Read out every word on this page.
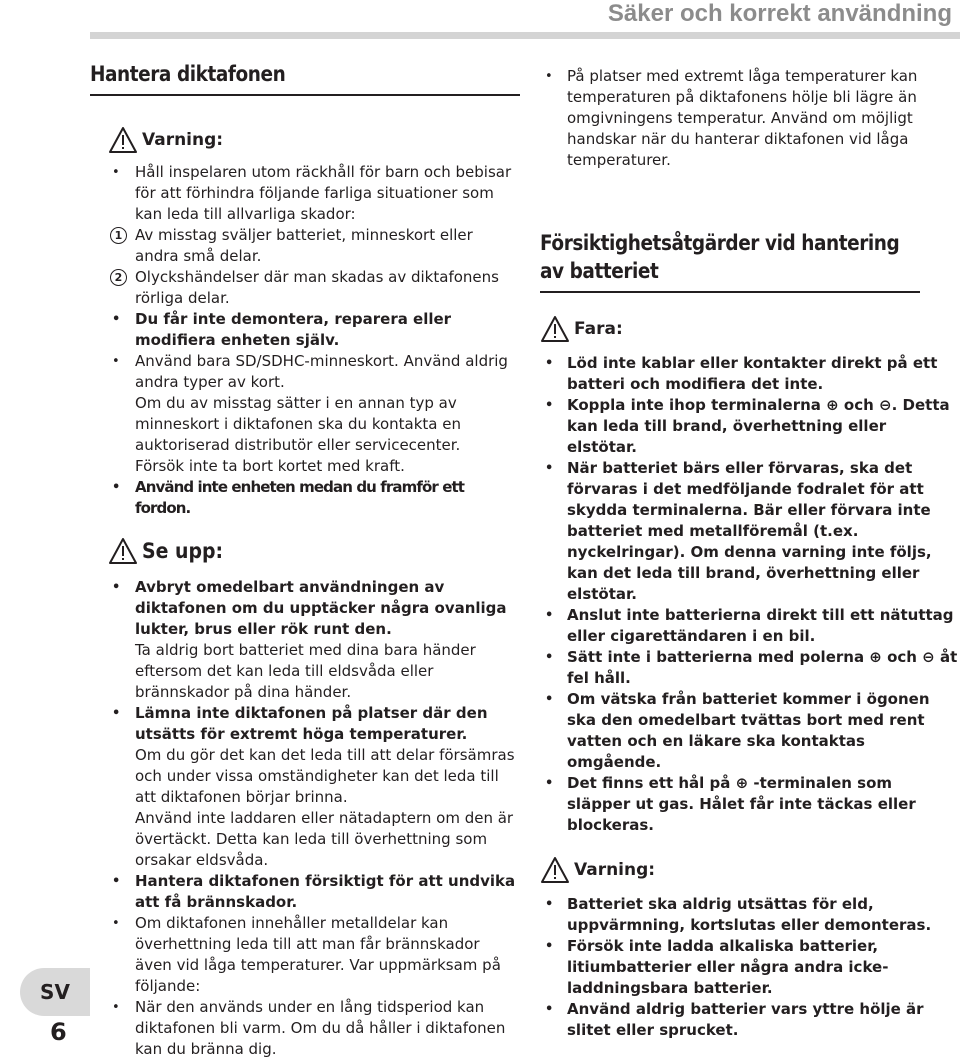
Säker och korrekt användning
Hantera diktafonen
Varning:
• Håll inspelaren utom räckhåll för barn och bebisar för att förhindra följande farliga situationer som kan leda till allvarliga skador:
1 Av misstag sväljer batteriet, minneskort eller andra små delar.
2 Olyckshändelser där man skadas av diktafonens rörliga delar.
• Du får inte demontera, reparera eller modifiera enheten själv.
• Använd bara SD/SDHC-minneskort. Använd aldrig andra typer av kort.
Om du av misstag sätter i en annan typ av minneskort i diktafonen ska du kontakta en auktoriserad distributör eller servicecenter.
Försök inte ta bort kortet med kraft.
• Använd inte enheten medan du framför ett fordon.
Se upp:
• Avbryt omedelbart användningen av diktafonen om du upptäcker några ovanliga lukter, brus eller rök runt den.
Ta aldrig bort batteriet med dina bara händer eftersom det kan leda till eldsvåda eller brännskador på dina händer.
• Lämna inte diktafonen på platser där den utsätts för extremt höga temperaturer.
Om du gör det kan det leda till att delar försämras och under vissa omständigheter kan det leda till att diktafonen börjar brinna.
Använd inte laddaren eller nätadaptern om den är övertäckt. Detta kan leda till överhettning som orsakar eldsvåda.
• Hantera diktafonen försiktigt för att undvika att få brännskador.
• Om diktafonen innehåller metalldelar kan överhettning leda till att man får brännskador även vid låga temperaturer. Var uppmärksam på följande:
• När den används under en lång tidsperiod kan diktafonen bli varm. Om du då håller i diktafonen kan du bränna dig.
• På platser med extremt låga temperaturer kan temperaturen på diktafonens hölje bli lägre än omgivningens temperatur. Använd om möjligt handskar när du hanterar diktafonen vid låga temperaturer.
Försiktighetsåtgärder vid hantering av batteriet
Fara:
• Löd inte kablar eller kontakter direkt på ett batteri och modifiera det inte.
• Koppla inte ihop terminalerna ⊕ och ⊖. Detta kan leda till brand, överhettning eller elstötar.
• När batteriet bärs eller förvaras, ska det förvaras i det medföljande fodralet för att skydda terminalerna. Bär eller förvara inte batteriet med metallföremål (t.ex. nyckelringar). Om denna varning inte följs, kan det leda till brand, överhettning eller elstötar.
• Anslut inte batterierna direkt till ett nätuttag eller cigarettändaren i en bil.
• Sätt inte i batterierna med polerna ⊕ och ⊖ åt fel håll.
• Om vätska från batteriet kommer i ögonen ska den omedelbart tvättas bort med rent vatten och en läkare ska kontaktas omgående.
• Det finns ett hål på ⊕ -terminalen som släpper ut gas. Hålet får inte täckas eller blockeras.
Varning:
• Batteriet ska aldrig utsättas för eld, uppvärmning, kortslutas eller demonteras.
• Försök inte ladda alkaliska batterier, litiumbatterier eller några andra icke-laddningsbara batterier.
• Använd aldrig batterier vars yttre hölje är slitet eller sprucket.
SV
6
